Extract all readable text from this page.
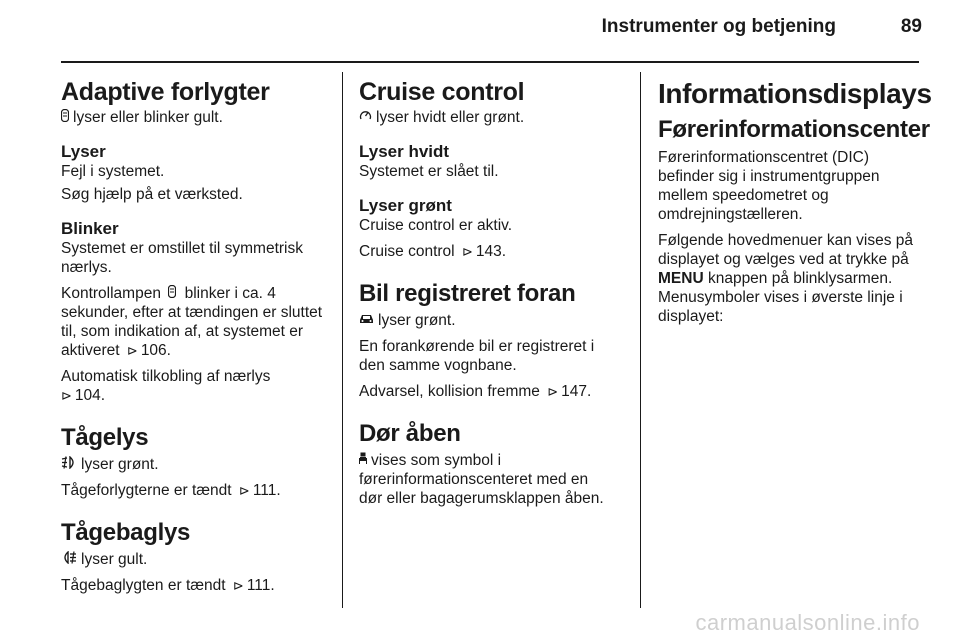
Instrumenter og betjening	89
Adaptive forlygter
lyser eller blinker gult.
Lyser
Fejl i systemet.
Søg hjælp på et værksted.
Blinker
Systemet er omstillet til symmetrisk nærlys.
Kontrollampen blinker i ca. 4 sekunder, efter at tændingen er sluttet til, som indikation af, at systemet er aktiveret ⊳ 106.
Automatisk tilkobling af nærlys
⊳ 104.
Tågelys
lyser grønt.
Tågeforlygterne er tændt ⊳ 111.
Tågebaglys
lyser gult.
Tågebaglygten er tændt ⊳ 111.
Cruise control
lyser hvidt eller grønt.
Lyser hvidt
Systemet er slået til.
Lyser grønt
Cruise control er aktiv.
Cruise control ⊳ 143.
Bil registreret foran
lyser grønt.
En forankørende bil er registreret i den samme vognbane.
Advarsel, kollision fremme ⊳ 147.
Dør åben
vises som symbol i førerinformationscenteret med en dør eller bagagerumsklappen åben.
Informationsdisplays
Førerinformationscenter
Førerinformationscentret (DIC) befinder sig i instrumentgruppen mellem speedometret og omdrejningstælleren.
Følgende hovedmenuer kan vises på displayet og vælges ved at trykke på MENU knappen på blinklysarmen. Menusymboler vises i øverste linje i displayet:
carmanualsonline.info
